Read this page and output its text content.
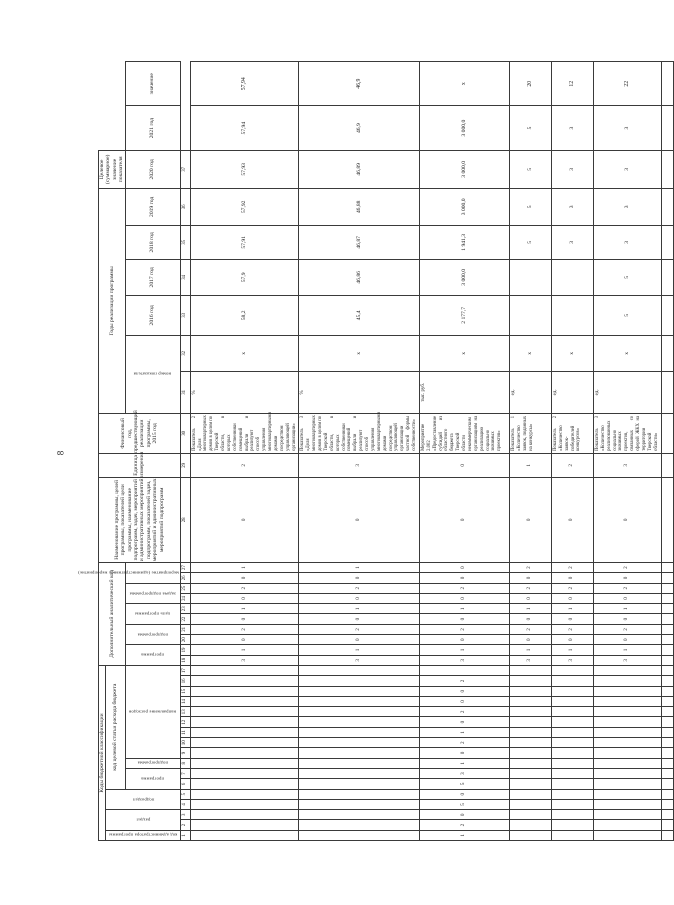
8
Коды бюджетной классификации																	Дополнительный аналитический код										Наименование программы, целей программы, показателей цели программы, наименование подпрограмм, задач, мероприятий и административных мероприятий подпрограмм, показателей задач, мероприятий и административных мероприятий подпрограмм	Единица измерения	Финансовый год, предшествующий реализации программы, 2015 год	Годы реализации программы						Целевое (суммарное) значение показателя		
код администратора программы	раздел		подраздел		код целевой статьи расхода бюджета																																	
					программа		подпрограмма	направление расходов									программа		подпрограмма		цель программы		задача подпрограммы		мероприятие (административное мероприятие)					номер показателя		2016 год	2017 год	2018 год	2019 год	2020 год	2021 год	значение
1	2	3	4	5	6	7	8	9	10	11	12	13	14	15	16	17	18	19	20	21	22	23	24	25	26	27	28	29	30	31	32	33	34	35	36	37		
																	3	1	0	2	0	1	0	2	0	1	0	2	Показатель 2 «Доля многоквартирных домов в целом по Тверской области, в которых собственники помещений выбрали и реализуют способ управления многоквартирными домами посредством управляющей организации»	%	х	58,2	57,9	57,91	57,92	57,93	57,94	57,94
																	3	1	0	2	0	1	0	2	0	1	0	3	Показатель 3 «Доля многоквартирных домов в целом по Тверской области, в которых собственники помещений выбрали и реализуют способ управления многоквартирными домами посредством управляющей организации частной формы собственности»	%	х	45,4	46,86	46,87	46,88	46,89	46,9	46,9
1	2	0	5	0	5	3	1	0	2	1	0	2	0	0	2		3	1	0	2	0	1	0	2	0	0	0	0	Мероприятие 2.002 «Предоставление субсидий из областного бюджета Тверской области некоммерческим организациям на реализацию социально значимых проектов»	тыс. руб.	х	2 177,7	3 000,0	1 941,3	3 000,0	3 000,0	3 000,0	х
																	3	1	0	2	0	1	0	2	0	2	0	1	Показатель 1 «Количество заявок, поданных на конкурсы»	ед.	х			5	5	5	5	20
																	3	1	0	2	0	1	0	2	0	2	0	2	Показатель 2 «Количество заявок-победителей конкурсов»	ед.	х			3	3	3	3	12
																	3	1	0	2	0	1	0	2	0	2	0	3	Показатель 3 «Количество реализованных социально значимых проектов, связанных со сферой ЖКХ на территории Тверской области»	ед.	х	5	5	3	3	3	3	22
